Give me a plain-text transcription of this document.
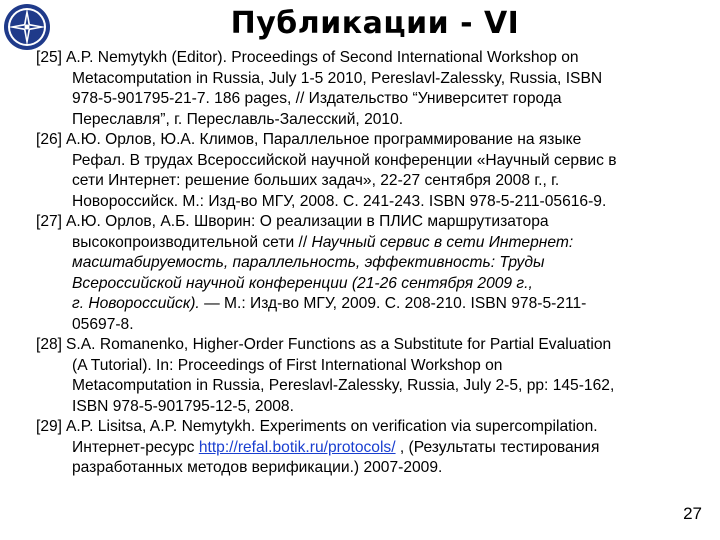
Публикации - VI

[25] A.P. Nemytykh (Editor). Proceedings of Second International Workshop on
Metacomputation in Russia, July 1-5 2010, Pereslavl-Zalessky, Russia, ISBN
978-5-901795-21-7. 186 pages, // Издательство “Университет города
Переславля”, г. Переславль-Залесский, 2010.

[26] А.Ю. Орлов, Ю.А. Климов, Параллельное программирование на языке
Рефал. В трудах Всероссийской научной конференции «Научный сервис в
сети Интернет: решение больших задач», 22-27 сентября 2008 г., г.
Новороссийск. М.: Изд-во МГУ, 2008. С. 241-243. ISBN 978-5-211-05616-9.

[27] А.Ю. Орлов, А.Б. Шворин: О реализации в ПЛИС маршрутизатора
высокопроизводительной сети // Научный сервис в сети Интернет:
масштабируемость, параллельность, эффективность: Труды
Всероссийской научной конференции (21-26 сентября 2009 г.,
г. Новороссийск). — М.: Изд-во МГУ, 2009. С. 208-210. ISBN 978-5-211-
05697-8.

[28] S.A. Romanenko, Higher-Order Functions as a Substitute for Partial Evaluation
(A Tutorial). In: Proceedings of First International Workshop on
Metacomputation in Russia, Pereslavl-Zalessky, Russia, July 2-5, pp: 145-162,
ISBN 978-5-901795-12-5, 2008.

[29] A.P. Lisitsa, A.P. Nemytykh. Experiments on verification via supercompilation.
Интернет-ресурс http://refal.botik.ru/protocols/ , (Результаты тестирования
разработанных методов верификации.) 2007-2009.

27
